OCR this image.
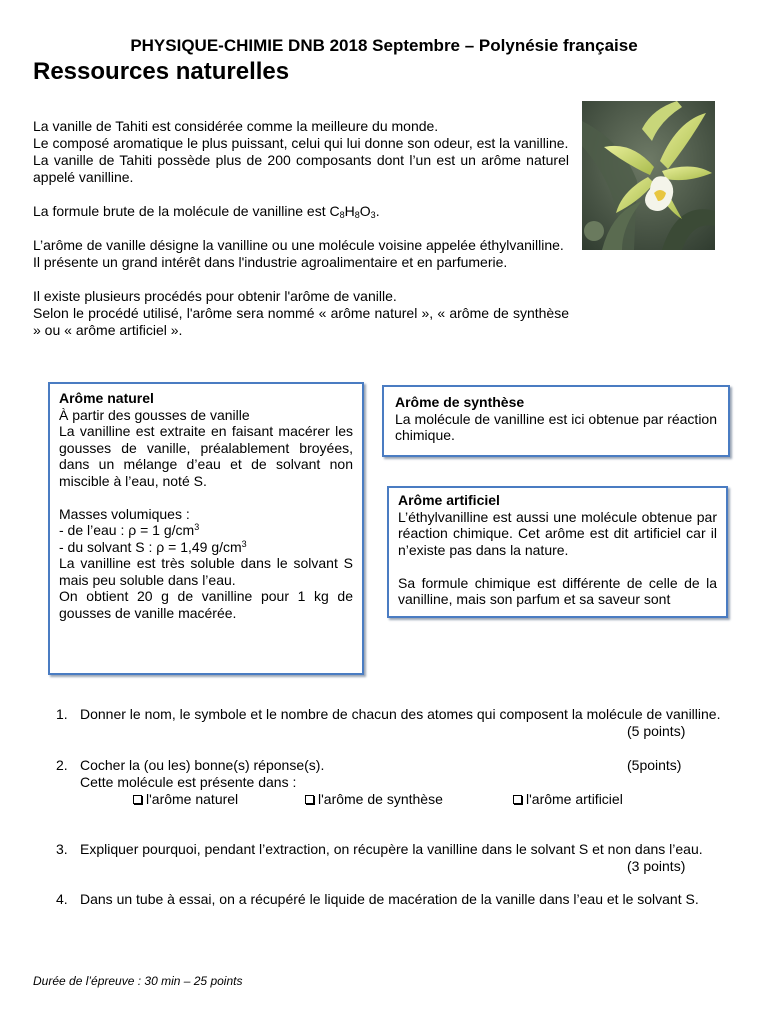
PHYSIQUE-CHIMIE DNB 2018 Septembre – Polynésie française
Ressources naturelles

La vanille de Tahiti est considérée comme la meilleure du monde.

Le composé aromatique le plus puissant, celui qui lui donne son odeur, est la vanilline.

La vanille de Tahiti possède plus de 200 composants dont l’un est un arôme naturel appelé vanilline.

La formule brute de la molécule de vanilline est $C_8H_8O_3$.

L’arôme de vanille désigne la vanilline ou une molécule voisine appelée éthylvanilline.

Il présente un grand intérêt dans l'industrie agroalimentaire et en parfumerie.

Il existe plusieurs procédés pour obtenir l'arôme de vanille.

Selon le procédé utilisé, l'arôme sera nommé « arôme naturel », « arôme de synthèse » ou « arôme artificiel ».

Arôme naturel

À partir des gousses de vanille

La vanilline est extraite en faisant macérer les gousses de vanille, préalablement broyées, dans un mélange d’eau et de solvant non miscible à l’eau, noté S.

Masses volumiques :

- de l’eau : ρ = 1 $g/cm^3$

- du solvant S : ρ = 1,49 $g/cm^3$

La vanilline est très soluble dans le solvant S mais peu soluble dans l’eau.

On obtient 20 g de vanilline pour 1 kg de gousses de vanille macérée.

Arôme de synthèse

La molécule de vanilline est ici obtenue par réaction chimique.

Arôme artificiel

L’éthylvanilline est aussi une molécule obtenue par réaction chimique. Cet arôme est dit artificiel car il n’existe pas dans la nature.

Sa formule chimique est différente de celle de la vanilline, mais son parfum et sa saveur sont

1. Donner le nom, le symbole et le nombre de chacun des atomes qui composent la molécule de vanilline.
(5 points)
2. Cocher la (ou les) bonne(s) réponse(s).
Cette molécule est présente dans :
(5points)
l'arôme naturel	l'arôme de synthèse	l'arôme artificiel
3. Expliquer pourquoi, pendant l’extraction, on récupère la vanilline dans le solvant S et non dans l’eau.
(3 points)
4. Dans un tube à essai, on a récupéré le liquide de macération de la vanille dans l’eau et le solvant S.
Durée de l’épreuve : 30 min – 25 points
